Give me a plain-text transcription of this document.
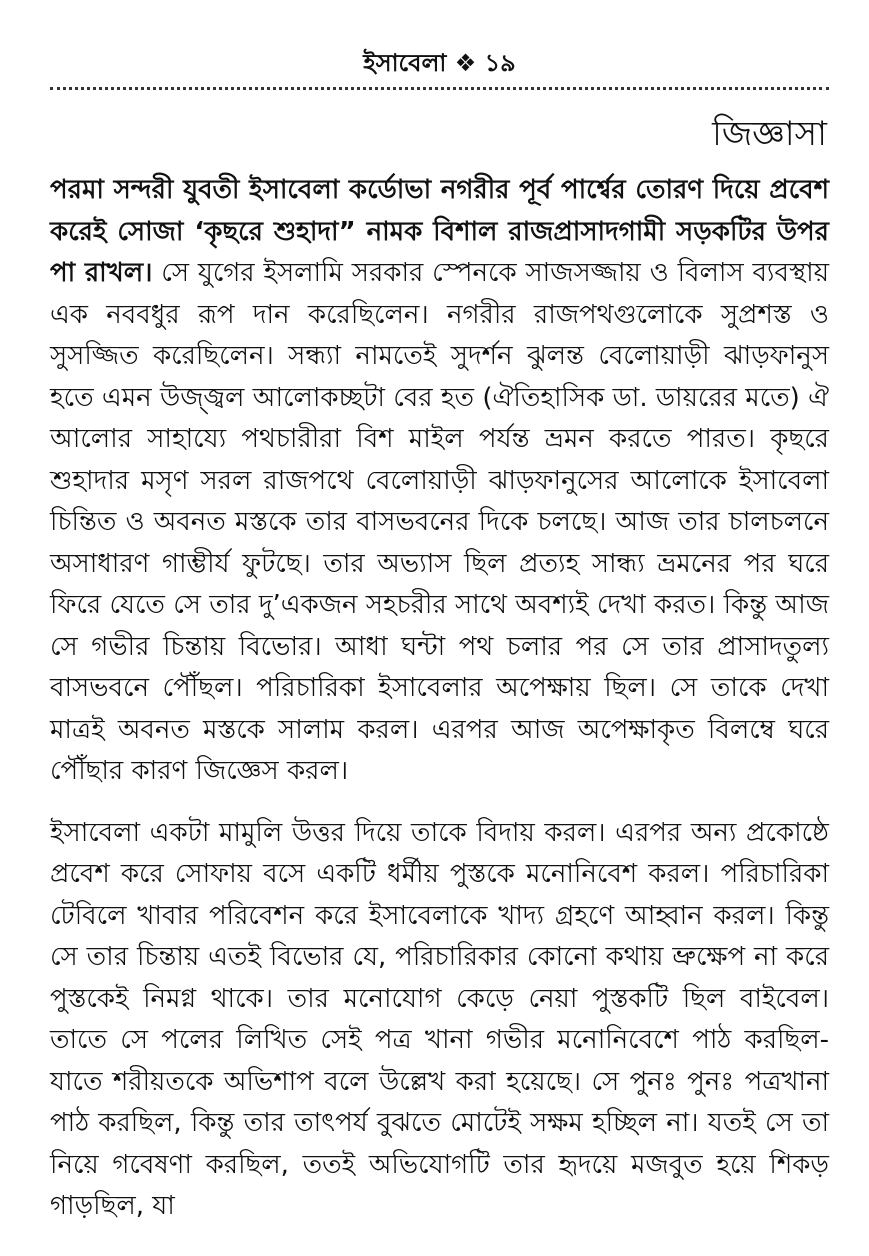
ইসাবেলা ❖ ১৯
জিজ্ঞাসা

পরমা সন্দরী যুবতী ইসাবেলা কর্ডোভা নগরীর পূর্ব পার্শ্বের তোরণ দিয়ে প্রবেশ করেই সোজা ‘কৃছরে শুহাদা” নামক বিশাল রাজপ্রাসাদগামী সড়কটির উপর পা রাখল। সে যুগের ইসলামি সরকার স্পেনকে সাজসজ্জায় ও বিলাস ব্যবস্থায় এক নববধুর রূপ দান করেছিলেন। নগরীর রাজপথগুলোকে সুপ্রশস্ত ও সুসজ্জিত করেছিলেন। সন্ধ্যা নামতেই সুদর্শন ঝুলন্ত বেলোয়াড়ী ঝাড়ফানুস হতে এমন উজ্জ্বল আলোকচ্ছটা বের হত (ঐতিহাসিক ডা. ডায়রের মতে) ঐ আলোর সাহায্যে পথচারীরা বিশ মাইল পর্যন্ত ভ্রমন করতে পারত। কৃছরে শুহাদার মসৃণ সরল রাজপথে বেলোয়াড়ী ঝাড়ফানুসের আলোকে ইসাবেলা চিন্তিত ও অবনত মস্তকে তার বাসভবনের দিকে চলছে। আজ তার চালচলনে অসাধারণ গাম্ভীর্য ফুটছে। তার অভ্যাস ছিল প্রত্যহ সান্ধ্য ভ্রমনের পর ঘরে ফিরে যেতে সে তার দু’একজন সহচরীর সাথে অবশ্যই দেখা করত। কিন্তু আজ সে গভীর চিন্তায় বিভোর। আধা ঘন্টা পথ চলার পর সে তার প্রাসাদতুল্য বাসভবনে পৌঁছল। পরিচারিকা ইসাবেলার অপেক্ষায় ছিল। সে তাকে দেখা মাত্রই অবনত মস্তকে সালাম করল। এরপর আজ অপেক্ষাকৃত বিলম্বে ঘরে পৌঁছার কারণ জিজ্ঞেস করল।

ইসাবেলা একটা মামুলি উত্তর দিয়ে তাকে বিদায় করল। এরপর অন্য প্রকোষ্ঠে প্রবেশ করে সোফায় বসে একটি ধর্মীয় পুস্তকে মনোনিবেশ করল। পরিচারিকা টেবিলে খাবার পরিবেশন করে ইসাবেলাকে খাদ্য গ্রহণে আহ্বান করল। কিন্তু সে তার চিন্তায় এতই বিভোর যে, পরিচারিকার কোনো কথায় ভ্রুক্ষেপ না করে পুস্তকেই নিমগ্ন থাকে। তার মনোযোগ কেড়ে নেয়া পুস্তকটি ছিল বাইবেল। তাতে সে পলের লিখিত সেই পত্র খানা গভীর মনোনিবেশে পাঠ করছিল-যাতে শরীয়তকে অভিশাপ বলে উল্লেখ করা হয়েছে। সে পুনঃ পুনঃ পত্রখানা পাঠ করছিল, কিন্তু তার তাৎপর্য বুঝতে মোটেই সক্ষম হচ্ছিল না। যতই সে তা নিয়ে গবেষণা করছিল, ততই অভিযোগটি তার হৃদয়ে মজবুত হয়ে শিকড় গাড়ছিল, যা
